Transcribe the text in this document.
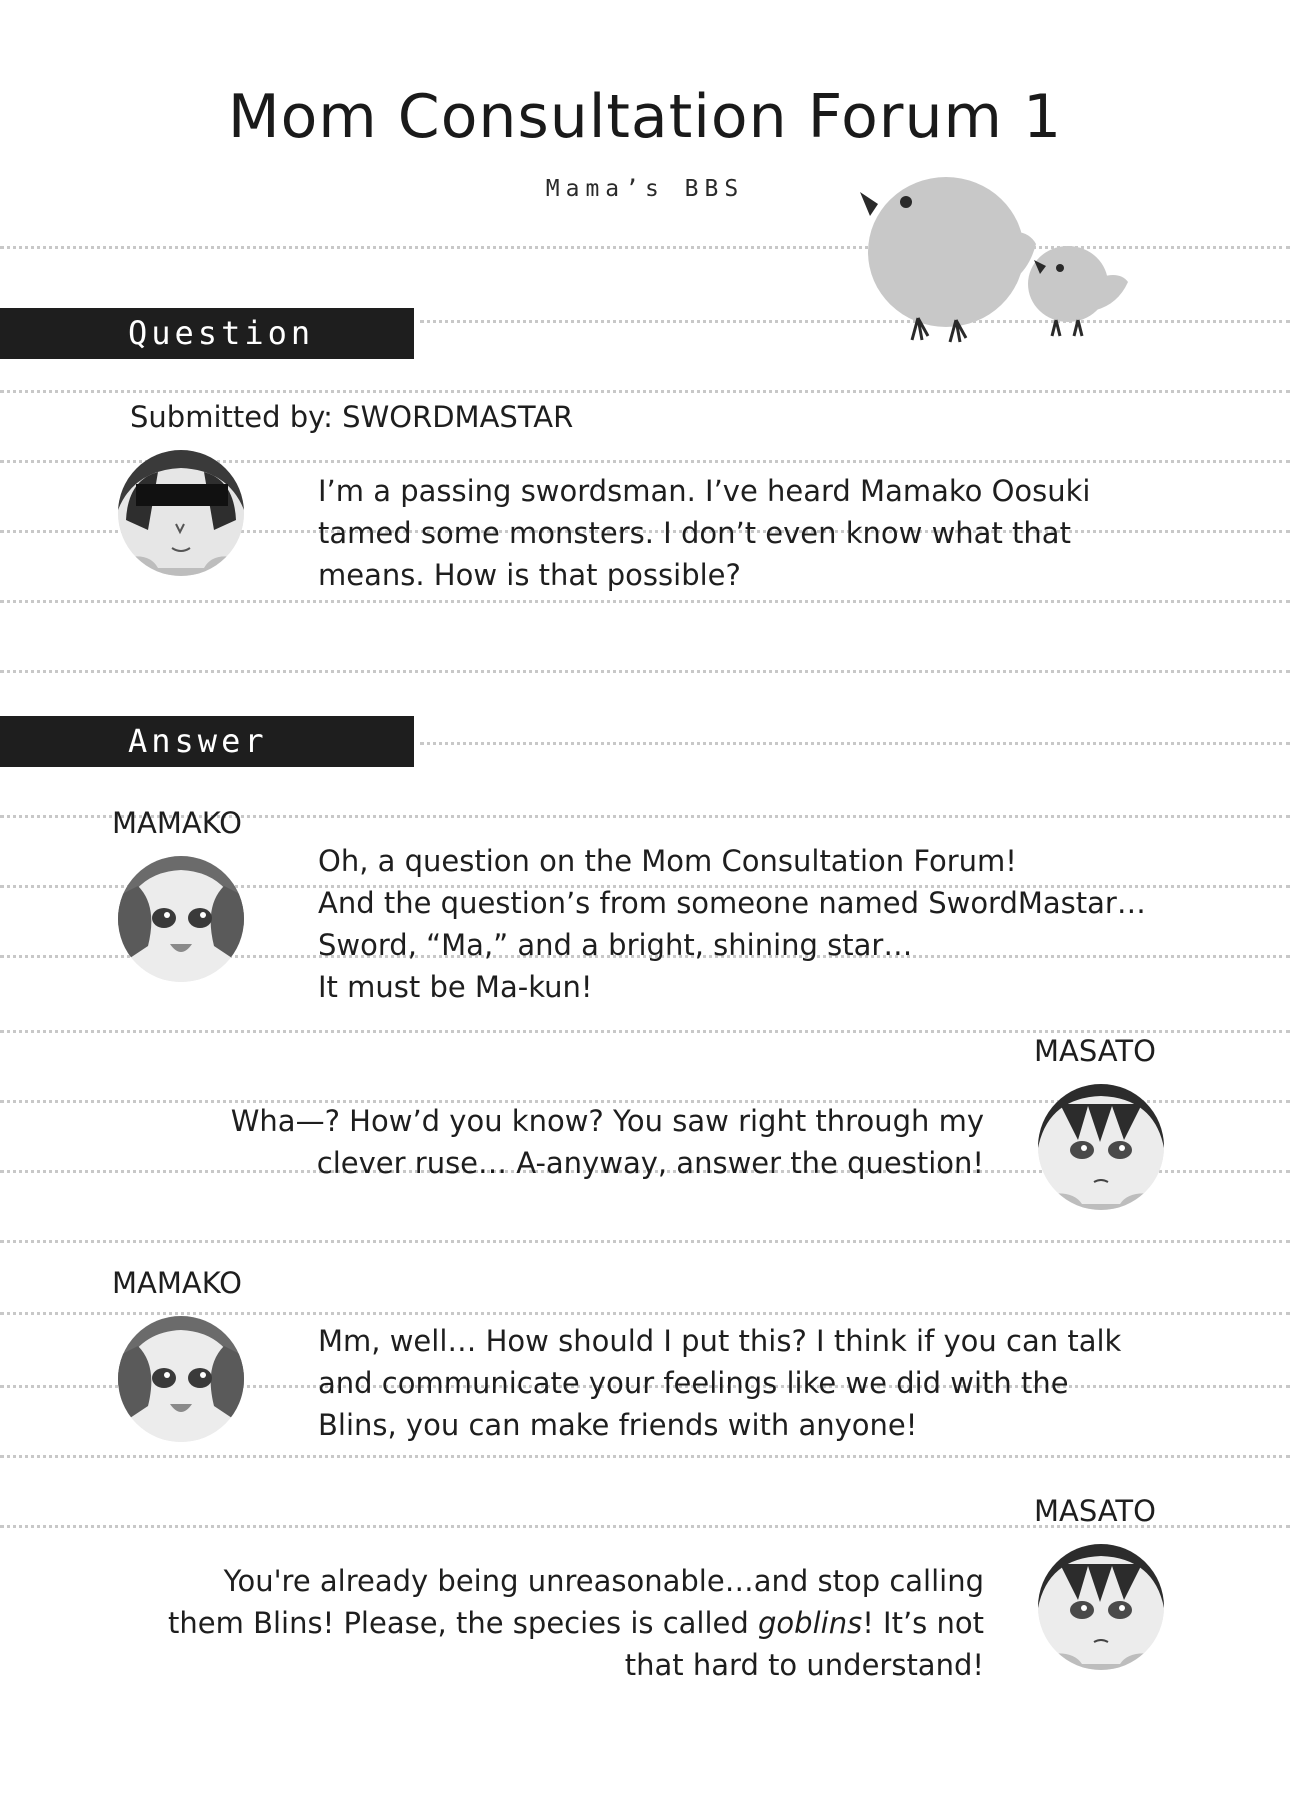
Mom Consultation Forum 1
Mama’s BBS
Question
Submitted by: SWORDMASTAR
I’m a passing swordsman. I’ve heard Mamako Oosuki
tamed some monsters. I don’t even know what that
means. How is that possible?
Answer
MAMAKO
Oh, a question on the Mom Consultation Forum!
And the question’s from someone named SwordMastar…
Sword, “Ma,” and a bright, shining star…
It must be Ma-kun!
MASATO
Wha—? How’d you know? You saw right through my
clever ruse… A-anyway, answer the question!
MAMAKO
Mm, well… How should I put this? I think if you can talk
and communicate your feelings like we did with the
Blins, you can make friends with anyone!
MASATO
You're already being unreasonable…and stop calling
them Blins! Please, the species is called goblins! It’s not
that hard to understand!
